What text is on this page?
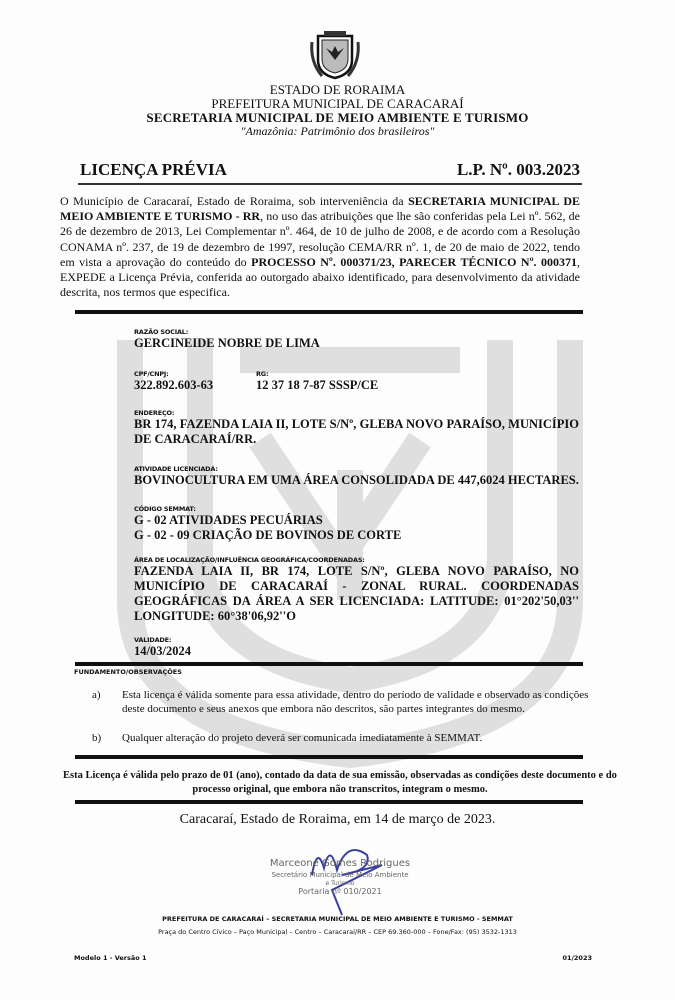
ESTADO DE RORAIMA
PREFEITURA MUNICIPAL DE CARACARAÍ
SECRETARIA MUNICIPAL DE MEIO AMBIENTE E TURISMO
"Amazônia: Patrimônio dos brasileiros"
LICENÇA PRÉVIA	L.P. Nº. 003.2023
O Município de Caracaraí, Estado de Roraima, sob interveniência da SECRETARIA MUNICIPAL DE MEIO AMBIENTE E TURISMO - RR, no uso das atribuições que lhe são conferidas pela Lei nº. 562, de 26 de dezembro de 2013, Lei Complementar nº. 464, de 10 de julho de 2008, e de acordo com a Resolução CONAMA nº. 237, de 19 de dezembro de 1997, resolução CEMA/RR nº. 1, de 20 de maio de 2022, tendo em vista a aprovação do conteúdo do PROCESSO Nº. 000371/23, PARECER TÉCNICO Nº. 000371, EXPEDE a Licença Prévia, conferida ao outorgado abaixo identificado, para desenvolvimento da atividade descrita, nos termos que especifica.
RAZÃO SOCIAL:
GERCINEIDE NOBRE DE LIMA
CPF/CNPJ:
322.892.603-63
RG:
12 37 18 7-87 SSSP/CE
ENDEREÇO:
BR 174, FAZENDA LAIA II, LOTE S/Nº, GLEBA NOVO PARAÍSO, MUNICÍPIO DE CARACARAÍ/RR.
ATIVIDADE LICENCIADA:
BOVINOCULTURA EM UMA ÁREA CONSOLIDADA DE 447,6024 HECTARES.
CÓDIGO SEMMAT:
G - 02 ATIVIDADES PECUÁRIAS
G - 02 - 09 CRIAÇÃO DE BOVINOS DE CORTE
ÁREA DE LOCALIZAÇÃO/INFLUÊNCIA GEOGRÁFICA/COORDENADAS:
FAZENDA LAIA II, BR 174, LOTE S/Nº, GLEBA NOVO PARAÍSO, NO MUNICÍPIO DE CARACARAÍ - ZONAL RURAL. COORDENADAS GEOGRÁFICAS DA ÁREA A SER LICENCIADA: LATITUDE: 01°202'50,03'' LONGITUDE: 60°38'06,92''O
VALIDADE:
14/03/2024
FUNDAMENTO/OBSERVAÇÕES
a)	Esta licença é válida somente para essa atividade, dentro do período de validade e observado as condições deste documento e seus anexos que embora não descritos, são partes integrantes do mesmo.
b)	Qualquer alteração do projeto deverá ser comunicada imediatamente à SEMMAT.
Esta Licença é válida pelo prazo de 01 (ano), contado da data de sua emissão, observadas as condições deste documento e do processo original, que embora não transcritos, integram o mesmo.
Caracaraí, Estado de Roraima, em 14 de março de 2023.
Marceone Gomes Rodrigues
Secretário Municipal de Meio Ambiente
e Turismo
Portaria nº 010/2021
PREFEITURA DE CARACARAÍ – SECRETARIA MUNICIPAL DE MEIO AMBIENTE E TURISMO - SEMMAT
Praça do Centro Cívico – Paço Municipal – Centro – Caracaraí/RR – CEP 69.360-000 – Fone/Fax: (95) 3532-1313
Modelo 1 - Versão 1	01/2023
